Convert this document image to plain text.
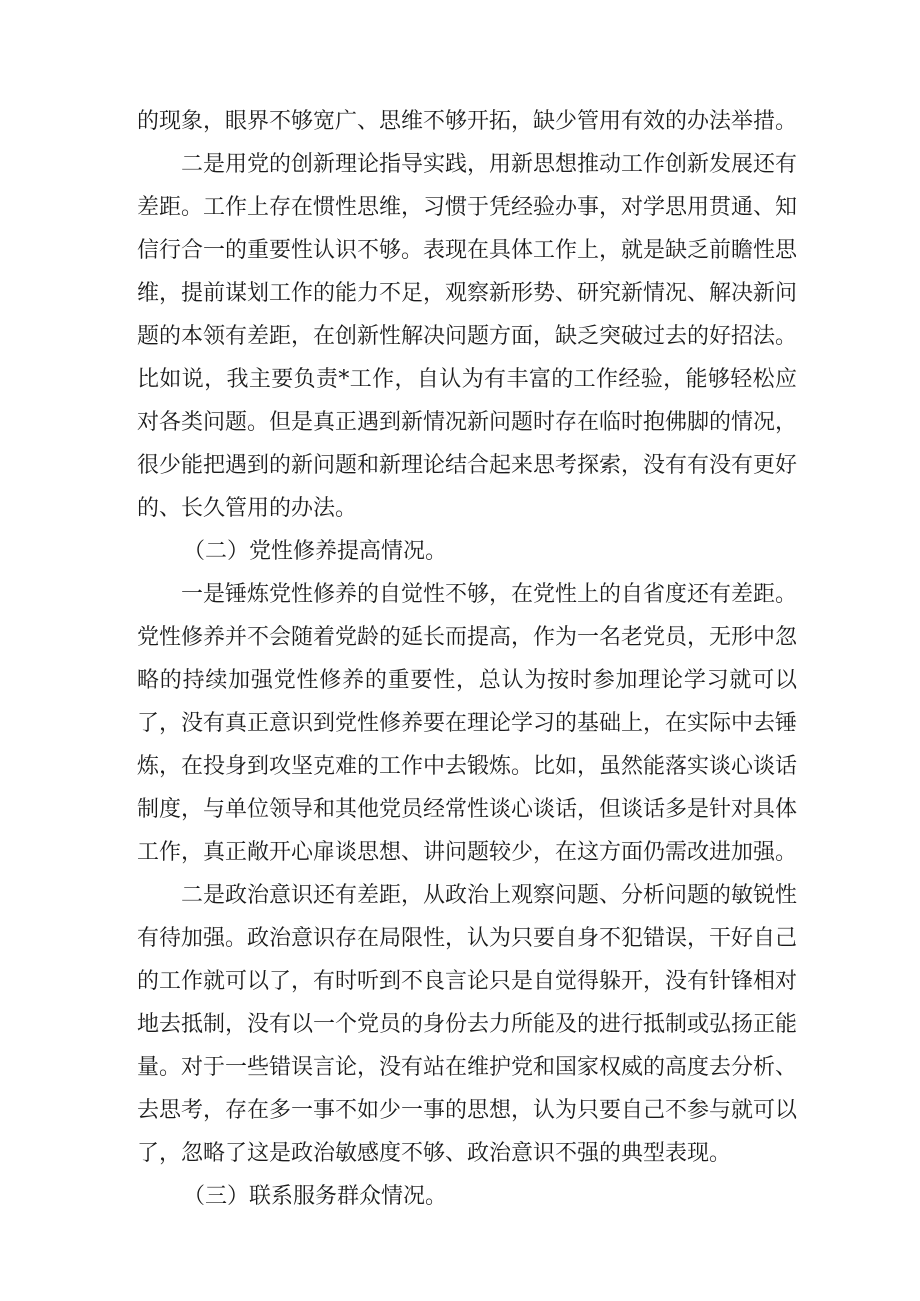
的现象，眼界不够宽广、思维不够开拓，缺少管用有效的办法举措。

二是用党的创新理论指导实践，用新思想推动工作创新发展还有差距。工作上存在惯性思维，习惯于凭经验办事，对学思用贯通、知信行合一的重要性认识不够。表现在具体工作上，就是缺乏前瞻性思维，提前谋划工作的能力不足，观察新形势、研究新情况、解决新问题的本领有差距，在创新性解决问题方面，缺乏突破过去的好招法。比如说，我主要负责*工作，自认为有丰富的工作经验，能够轻松应对各类问题。但是真正遇到新情况新问题时存在临时抱佛脚的情况，很少能把遇到的新问题和新理论结合起来思考探索，没有有没有更好的、长久管用的办法。

（二）党性修养提高情况。

一是锤炼党性修养的自觉性不够，在党性上的自省度还有差距。党性修养并不会随着党龄的延长而提高，作为一名老党员，无形中忽略的持续加强党性修养的重要性，总认为按时参加理论学习就可以了，没有真正意识到党性修养要在理论学习的基础上，在实际中去锤炼，在投身到攻坚克难的工作中去锻炼。比如，虽然能落实谈心谈话制度，与单位领导和其他党员经常性谈心谈话，但谈话多是针对具体工作，真正敞开心扉谈思想、讲问题较少，在这方面仍需改进加强。

二是政治意识还有差距，从政治上观察问题、分析问题的敏锐性有待加强。政治意识存在局限性，认为只要自身不犯错误，干好自己的工作就可以了，有时听到不良言论只是自觉得躲开，没有针锋相对地去抵制，没有以一个党员的身份去力所能及的进行抵制或弘扬正能量。对于一些错误言论，没有站在维护党和国家权威的高度去分析、去思考，存在多一事不如少一事的思想，认为只要自己不参与就可以了，忽略了这是政治敏感度不够、政治意识不强的典型表现。

（三）联系服务群众情况。
